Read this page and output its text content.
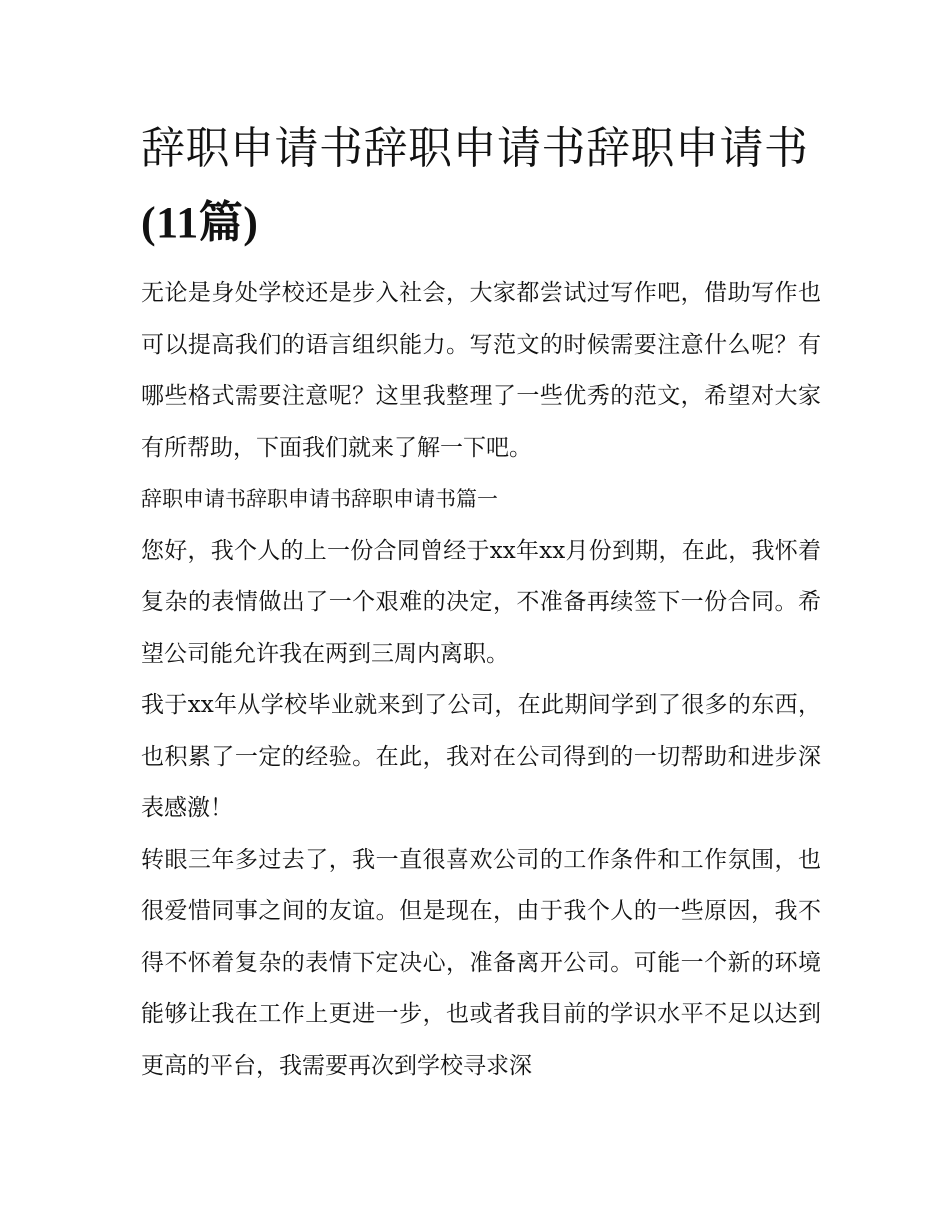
辞职申请书辞职申请书辞职申请书(11篇)

无论是身处学校还是步入社会，大家都尝试过写作吧，借助写作也可以提高我们的语言组织能力。写范文的时候需要注意什么呢？有哪些格式需要注意呢？这里我整理了一些优秀的范文，希望对大家有所帮助，下面我们就来了解一下吧。

辞职申请书辞职申请书辞职申请书篇一

您好，我个人的上一份合同曾经于xx年xx月份到期，在此，我怀着复杂的表情做出了一个艰难的决定，不准备再续签下一份合同。希望公司能允许我在两到三周内离职。

我于xx年从学校毕业就来到了公司，在此期间学到了很多的东西，也积累了一定的经验。在此，我对在公司得到的一切帮助和进步深表感激！

转眼三年多过去了，我一直很喜欢公司的工作条件和工作氛围，也很爱惜同事之间的友谊。但是现在，由于我个人的一些原因，我不得不怀着复杂的表情下定决心，准备离开公司。可能一个新的环境能够让我在工作上更进一步，也或者我目前的学识水平不足以达到更高的平台，我需要再次到学校寻求深
